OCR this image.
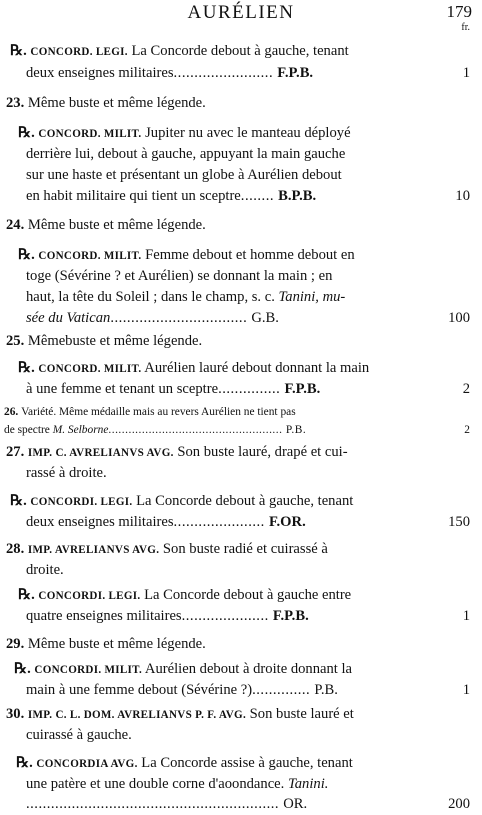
AURÉLIEN	179
fr.
℞. CONCORD. LEGI. La Concorde debout à gauche, tenant
deux enseignes militaires........................ F.P.B.	1
23. Même buste et même légende.
℞. CONCORD. MILIT. Jupiter nu avec le manteau déployé
derrière lui, debout à gauche, appuyant la main gauche
sur une haste et présentant un globe à Aurélien debout
en habit militaire qui tient un sceptre........ B.P.B.	10
24. Même buste et même légende.
℞. CONCORD. MILIT. Femme debout et homme debout en
toge (Sévérine ? et Aurélien) se donnant la main ; en
haut, la tête du Soleil ; dans le champ, s. c. Tanini, mu-
sée du Vatican................................. G.B.	100
25. Mêmebuste et même légende.
℞. CONCORD. MILIT. Aurélien lauré debout donnant la main
à une femme et tenant un sceptre............... F.P.B.	2
26. Variété. Même médaille mais au revers Aurélien ne tient pas
de spectre M. Selborne.................................................... P.B.	2
27. IMP. C. AVRELIANVS AVG. Son buste lauré, drapé et cui-
rassé à droite.
℞. CONCORDI. LEGI. La Concorde debout à gauche, tenant
deux enseignes militaires...................... F.OR.	150
28. IMP. AVRELIANVS AVG. Son buste radié et cuirassé à
droite.
℞. CONCORDI. LEGI. La Concorde debout à gauche entre
quatre enseignes militaires..................... F.P.B.	1
29. Même buste et même légende.
℞. CONCORDI. MILIT. Aurélien debout à droite donnant la
main à une femme debout (Sévérine ?).............. P.B.	1
30. IMP. C. L. DOM. AVRELIANVS P. F. AVG. Son buste lauré et
cuirassé à gauche.
℞. CONCORDIA AVG. La Concorde assise à gauche, tenant
une patère et une double corne d'aoondance. Tanini.
............................................................. OR.	200
